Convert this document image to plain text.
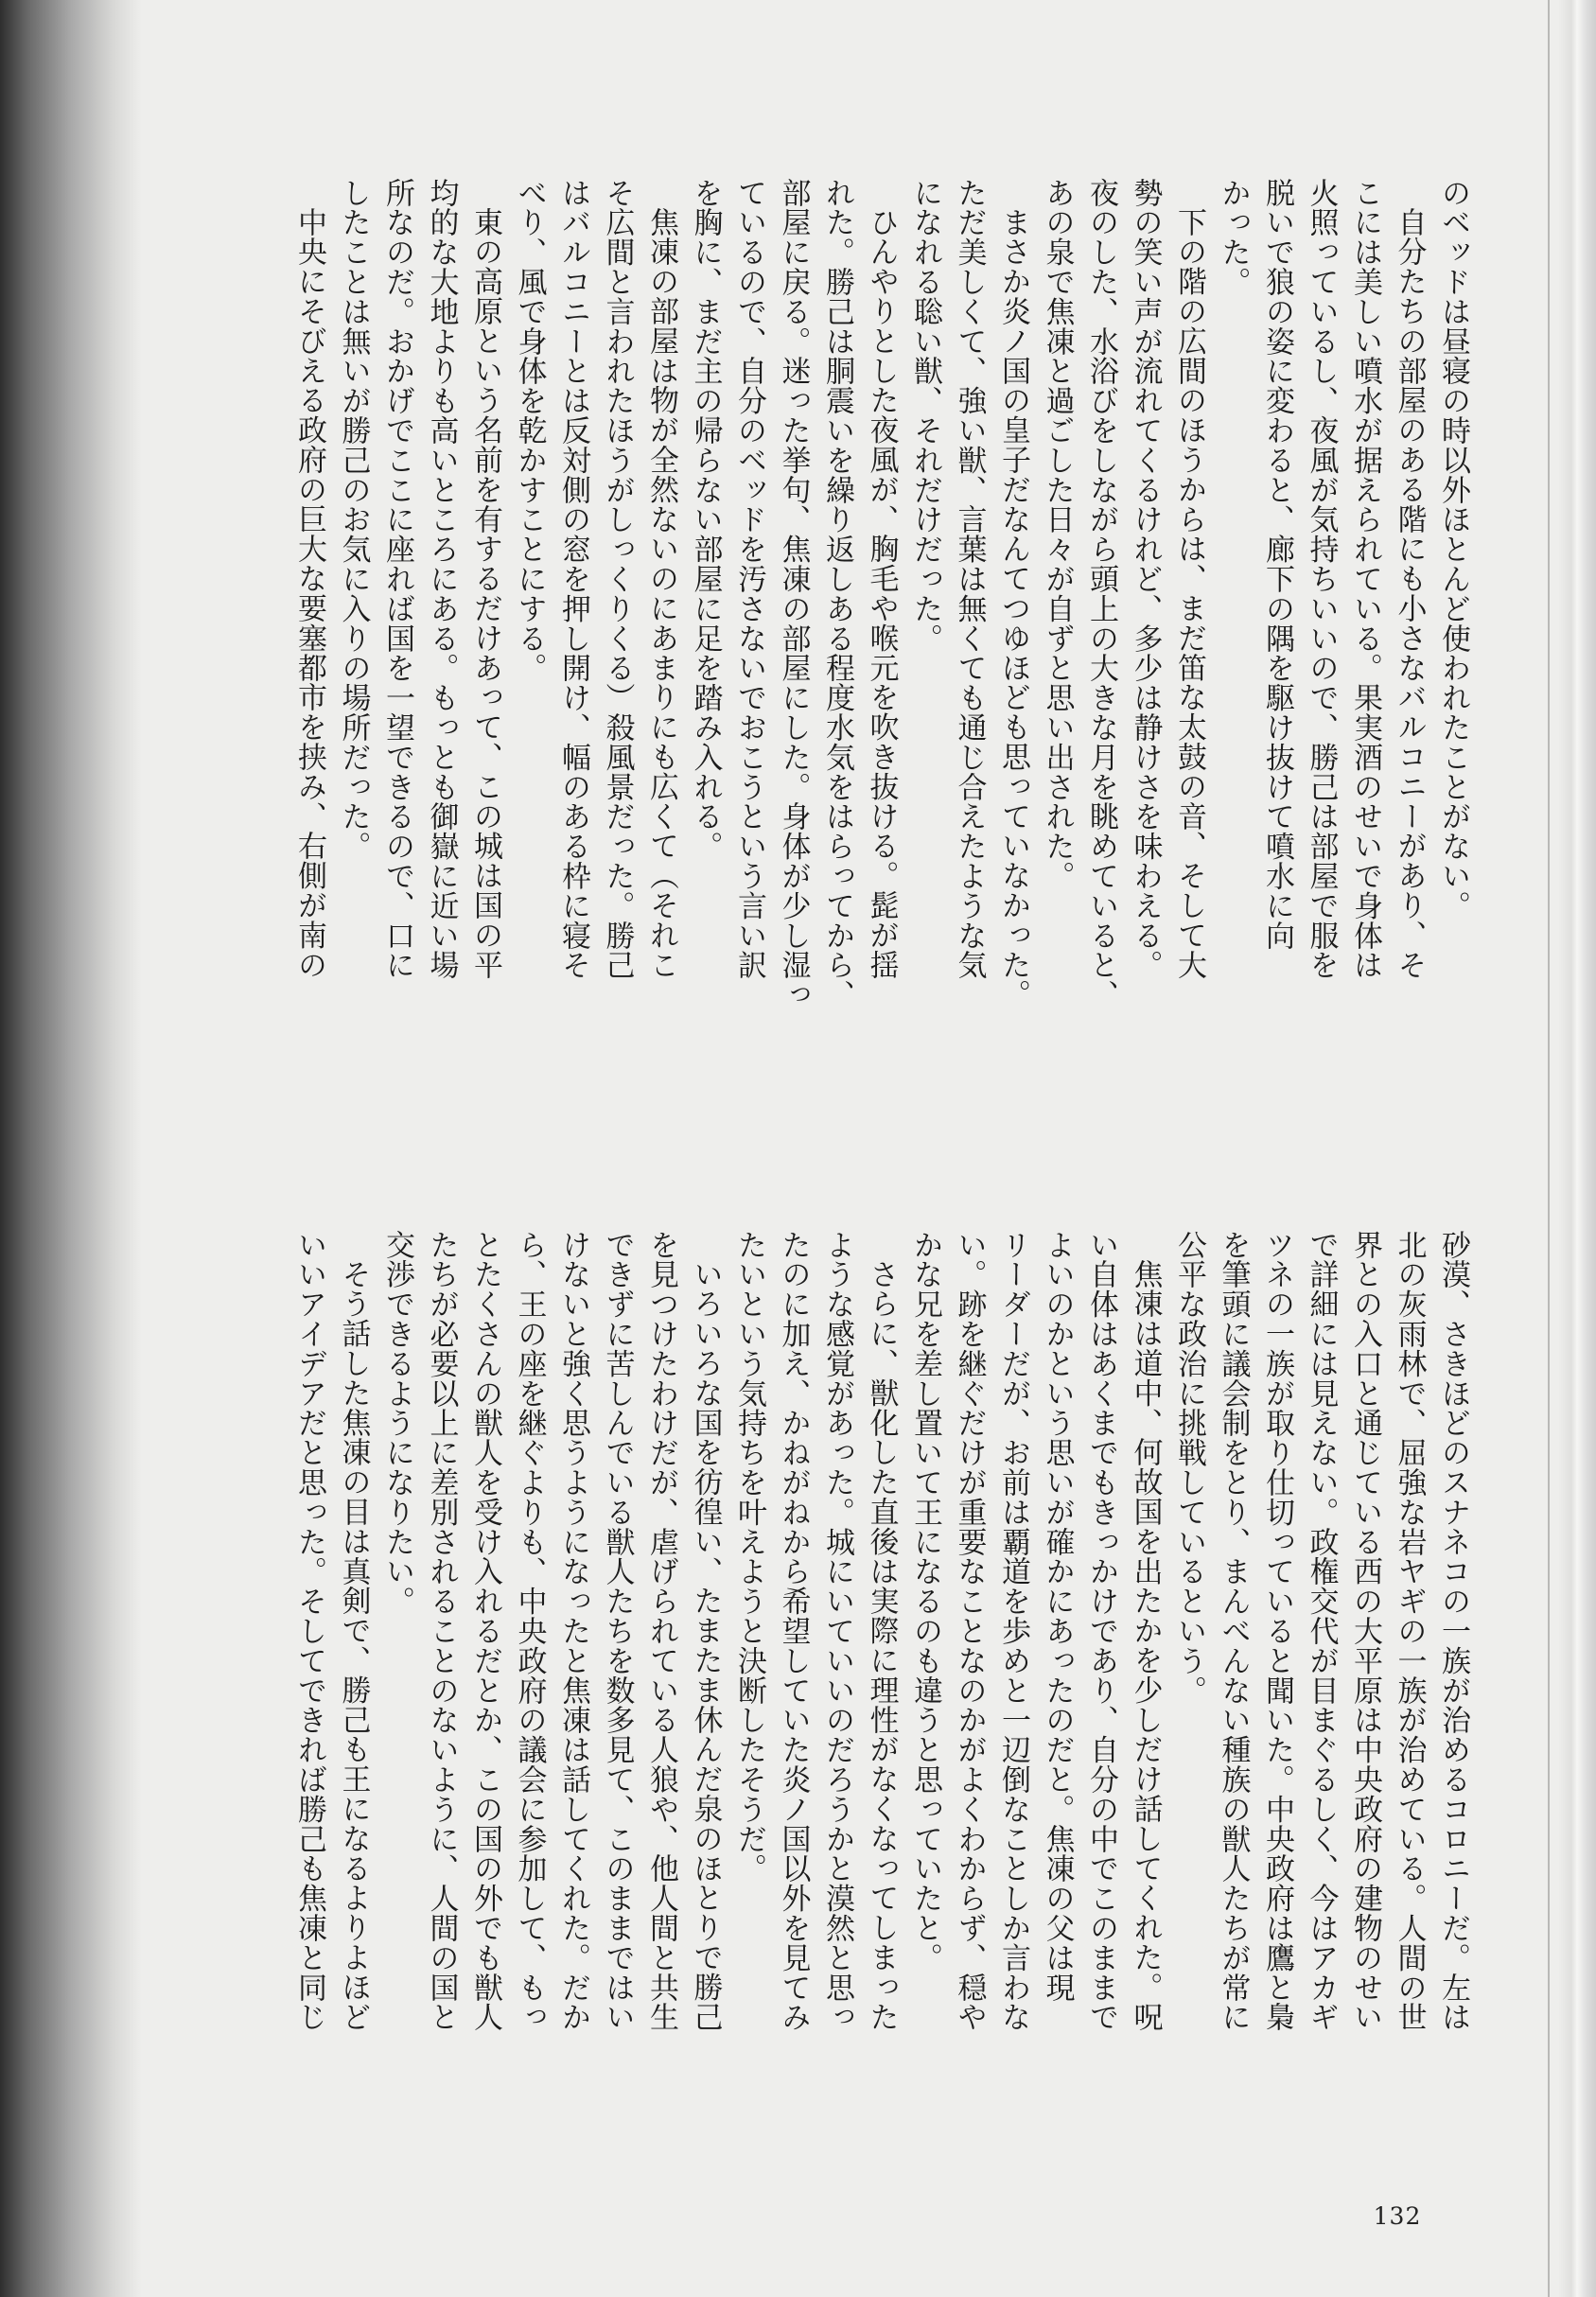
のベッドは昼寝の時以外ほとんど使われたことがない。

自分たちの部屋のある階にも小さなバルコニーがあり、そ

こには美しい噴水が据えられている。果実酒のせいで身体は

火照っているし、夜風が気持ちいいので、勝己は部屋で服を

脱いで狼の姿に変わると、廊下の隅を駆け抜けて噴水に向

かった。

下の階の広間のほうからは、まだ笛な太鼓の音、そして大

勢の笑い声が流れてくるけれど、多少は静けさを味わえる。

夜のした、水浴びをしながら頭上の大きな月を眺めていると、

あの泉で焦凍と過ごした日々が自ずと思い出された。

まさか炎ノ国の皇子だなんてつゆほども思っていなかった。

ただ美しくて、強い獣、言葉は無くても通じ合えたような気

になれる聡い獣、それだけだった。

ひんやりとした夜風が、胸毛や喉元を吹き抜ける。髭が揺

れた。勝己は胴震いを繰り返しある程度水気をはらってから、

部屋に戻る。迷った挙句、焦凍の部屋にした。身体が少し湿っ

ているので、自分のベッドを汚さないでおこうという言い訳

を胸に、まだ主の帰らない部屋に足を踏み入れる。

焦凍の部屋は物が全然ないのにあまりにも広くて（それこ

そ広間と言われたほうがしっくりくる）殺風景だった。勝己

はバルコニーとは反対側の窓を押し開け、幅のある枠に寝そ

べり、風で身体を乾かすことにする。

東の高原という名前を有するだけあって、この城は国の平

均的な大地よりも高いところにある。もっとも御嶽に近い場

所なのだ。おかげでここに座れば国を一望できるので、口に

したことは無いが勝己のお気に入りの場所だった。

中央にそびえる政府の巨大な要塞都市を挟み、右側が南の

砂漠、さきほどのスナネコの一族が治めるコロニーだ。左は

北の灰雨林で、屈強な岩ヤギの一族が治めている。人間の世

界との入口と通じている西の大平原は中央政府の建物のせい

で詳細には見えない。政権交代が目まぐるしく、今はアカギ

ツネの一族が取り仕切っていると聞いた。中央政府は鷹と梟

を筆頭に議会制をとり、まんべんない種族の獣人たちが常に

公平な政治に挑戦しているという。

焦凍は道中、何故国を出たかを少しだけ話してくれた。呪

い自体はあくまでもきっかけであり、自分の中でこのままで

よいのかという思いが確かにあったのだと。焦凍の父は現

リーダーだが、お前は覇道を歩めと一辺倒なことしか言わな

い。跡を継ぐだけが重要なことなのかがよくわからず、穏や

かな兄を差し置いて王になるのも違うと思っていたと。

さらに、獣化した直後は実際に理性がなくなってしまった

ような感覚があった。城にいていいのだろうかと漠然と思っ

たのに加え、かねがねから希望していた炎ノ国以外を見てみ

たいという気持ちを叶えようと決断したそうだ。

いろいろな国を彷徨い、たまたま休んだ泉のほとりで勝己

を見つけたわけだが、虐げられている人狼や、他人間と共生

できずに苦しんでいる獣人たちを数多見て、このままではい

けないと強く思うようになったと焦凍は話してくれた。だか

ら、王の座を継ぐよりも、中央政府の議会に参加して、もっ

とたくさんの獣人を受け入れるだとか、この国の外でも獣人

たちが必要以上に差別されることのないように、人間の国と

交渉できるようになりたい。

そう話した焦凍の目は真剣で、勝己も王になるよりよほど

いいアイデアだと思った。そしてできれば勝己も焦凍と同じ

132
